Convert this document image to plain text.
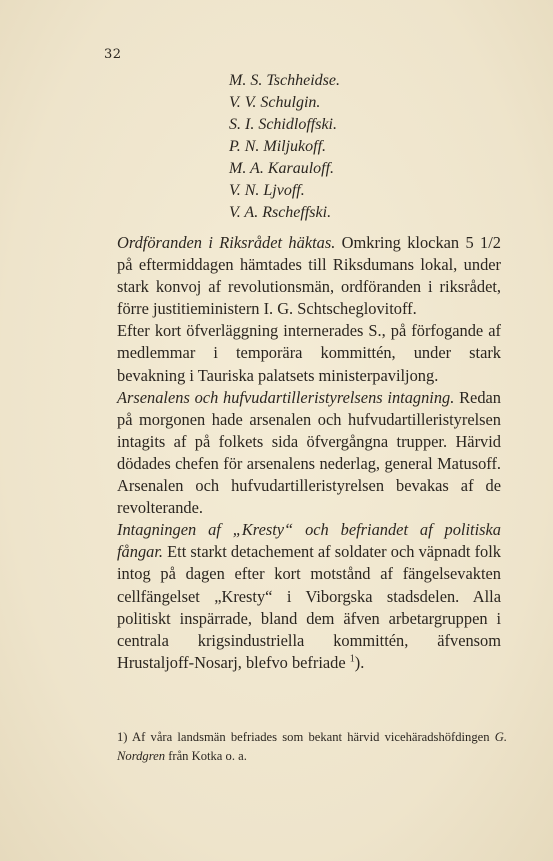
32
M. S. Tschheidse.
V. V. Schulgin.
S. I. Schidloffski.
P. N. Miljukoff.
M. A. Karauloff.
V. N. Ljvoff.
V. A. Rscheffski.

Ordföranden i Riksrådet häktas. Omkring klockan 5 1/2 på eftermiddagen hämtades till Riksdumans lokal, under stark konvoj af revolutionsmän, ordföranden i riksrådet, förre justitieministern I. G. Schtscheglovitoff.

Efter kort öfverläggning internerades S., på förfogande af medlemmar i temporära kommittén, under stark bevakning i Tauriska palatsets ministerpaviljong.

Arsenalens och hufvudartilleristyrelsens intagning. Redan på morgonen hade arsenalen och hufvudartilleristyrelsen intagits af på folkets sida öfvergångna trupper. Härvid dödades chefen för arsenalens nederlag, general Matusoff. Arsenalen och hufvudartilleristyrelsen bevakas af de revolterande.

Intagningen af „Kresty“ och befriandet af politiska fångar. Ett starkt detachement af soldater och väpnadt folk intog på dagen efter kort motstånd af fängelsevakten cellfängelset „Kresty“ i Viborgska stadsdelen. Alla politiskt inspärrade, bland dem äfven arbetargruppen i centrala krigsindustriella kommittén, äfvensom Hrustaljoff-Nosarj, blefvo befriade $^1$).

1) Af våra landsmän befriades som bekant härvid vicehäradshöfdingen G. Nordgren från Kotka o. a.
